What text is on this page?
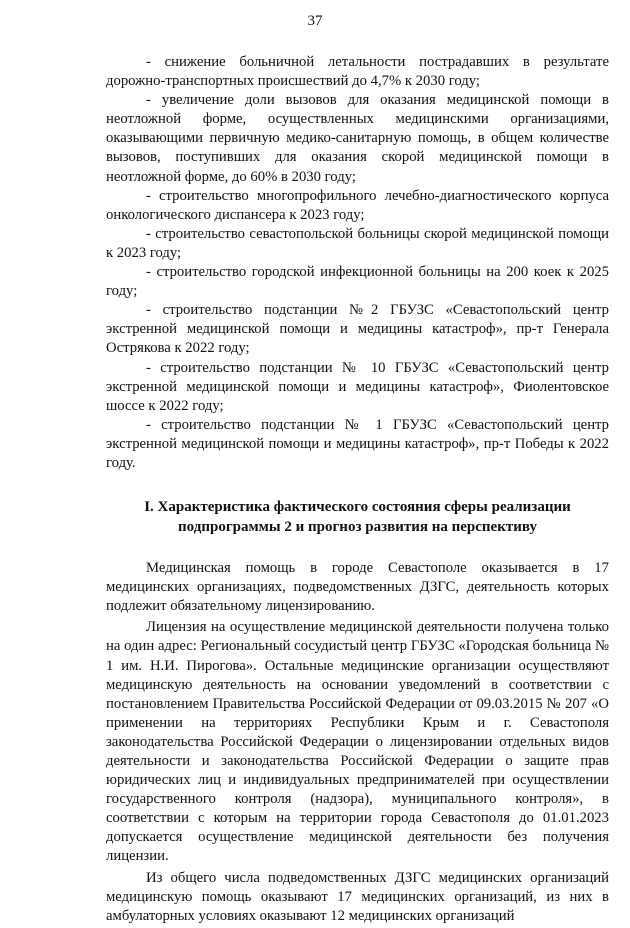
37

- снижение больничной летальности пострадавших в результате дорожно-транспортных происшествий до 4,7% к 2030 году;

- увеличение доли вызовов для оказания медицинской помощи в неотложной форме, осуществленных медицинскими организациями, оказывающими первичную медико-санитарную помощь, в общем количестве вызовов, поступивших для оказания скорой медицинской помощи в неотложной форме, до 60% в 2030 году;

- строительство многопрофильного лечебно-диагностического корпуса онкологического диспансера к 2023 году;

- строительство севастопольской больницы скорой медицинской помощи к 2023 году;

- строительство городской инфекционной больницы на 200 коек к 2025 году;

- строительство подстанции №2 ГБУЗС «Севастопольский центр экстренной медицинской помощи и медицины катастроф», пр-т Генерала Острякова к 2022 году;

- строительство подстанции № 10 ГБУЗС «Севастопольский центр экстренной медицинской помощи и медицины катастроф», Фиолентовское шоссе к 2022 году;

- строительство подстанции № 1 ГБУЗС «Севастопольский центр экстренной медицинской помощи и медицины катастроф», пр-т Победы к 2022 году.

I. Характеристика фактического состояния сферы реализации
подпрограммы 2 и прогноз развития на перспективу

Медицинская помощь в городе Севастополе оказывается в 17 медицинских организациях, подведомственных ДЗГС, деятельность которых подлежит обязательному лицензированию.

Лицензия на осуществление медицинской деятельности получена только на один адрес: Региональный сосудистый центр ГБУЗС «Городская больница № 1 им. Н.И. Пирогова». Остальные медицинские организации осуществляют медицинскую деятельность на основании уведомлений в соответствии с постановлением Правительства Российской Федерации от 09.03.2015 № 207 «О применении на территориях Республики Крым и г. Севастополя законодательства Российской Федерации о лицензировании отдельных видов деятельности и законодательства Российской Федерации о защите прав юридических лиц и индивидуальных предпринимателей при осуществлении государственного контроля (надзора), муниципального контроля», в соответствии с которым на территории города Севастополя до 01.01.2023 допускается осуществление медицинской деятельности без получения лицензии.

Из общего числа подведомственных ДЗГС медицинских организаций медицинскую помощь оказывают 17 медицинских организаций, из них в амбулаторных условиях оказывают 12 медицинских организаций
